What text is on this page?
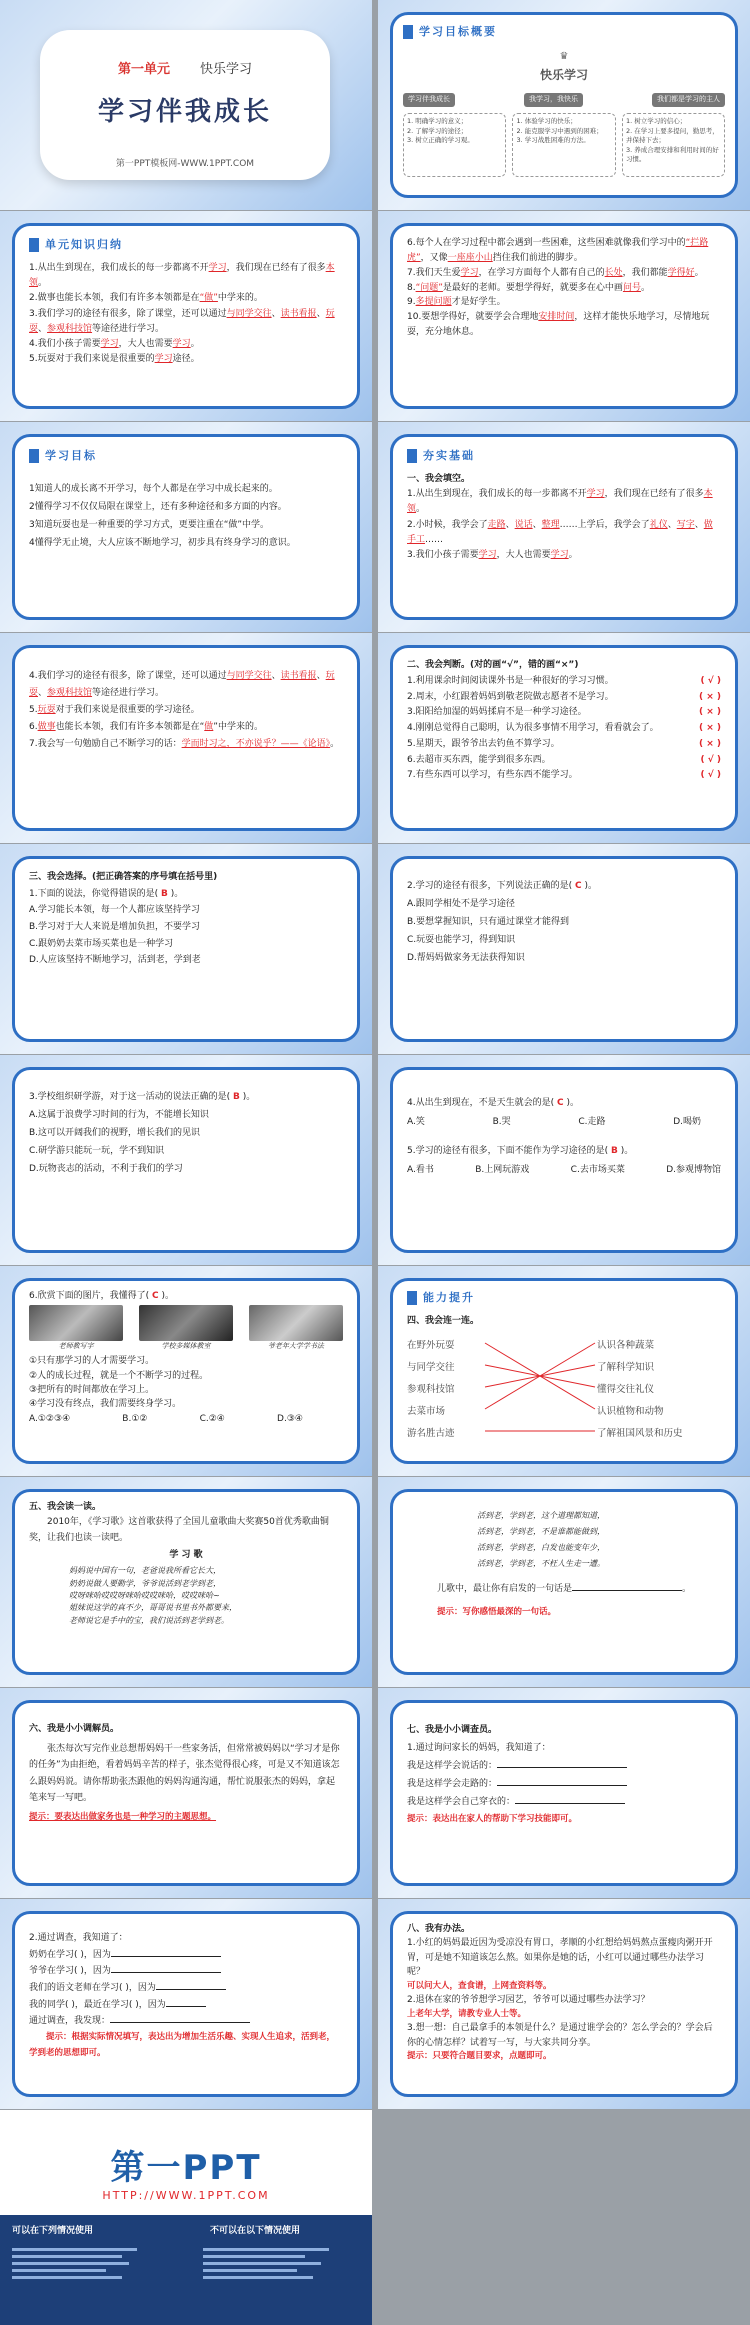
第一单元 快乐学习
学习伴我成长
第一PPT模板网-WWW.1PPT.COM
学习目标概要
♛
快乐学习
学习伴我成长	我学习，我快乐	我们都是学习的主人
1. 明确学习的意义；
2. 了解学习的途径；
3. 树立正确的学习观。
1. 体验学习的快乐；
2. 能克服学习中遇到的困难；
3. 学习战胜困难的方法。
1. 树立学习的信心；
2. 在学习上要多提问，勤思考，并保持下去；
3. 养成合理安排和利用时间的好习惯。
单元知识归纳
1.从出生到现在，我们成长的每一步都离不开学习，我们现在已经有了很多本领。
2.做事也能长本领，我们有许多本领都是在“做”中学来的。
3.我们学习的途径有很多，除了课堂，还可以通过与同学交往、读书看报、玩耍、参观科技馆等途径进行学习。
4.我们小孩子需要学习，大人也需要学习。
5.玩耍对于我们来说是很重要的学习途径。
6.每个人在学习过程中都会遇到一些困难，这些困难就像我们学习中的“拦路虎”，又像一座座小山挡住我们前进的脚步。
7.我们天生爱学习，在学习方面每个人都有自己的长处，我们都能学得好。
8.“问题”是最好的老师。要想学得好，就要多在心中画问号。
9.多提问题才是好学生。
10.要想学得好，就要学会合理地安排时间，这样才能快乐地学习，尽情地玩耍，充分地休息。
学习目标
1知道人的成长离不开学习，每个人都是在学习中成长起来的。
2懂得学习不仅仅局限在课堂上，还有多种途径和多方面的内容。
3知道玩耍也是一种重要的学习方式，更要注重在“做”中学。
4懂得学无止境，大人应该不断地学习，初步具有终身学习的意识。
夯实基础
一、我会填空。
1.从出生到现在，我们成长的每一步都离不开学习，我们现在已经有了很多本领。
2.小时候，我学会了走路、说话、整理……上学后，我学会了礼仪、写字、做手工……
3.我们小孩子需要学习，大人也需要学习。
4.我们学习的途径有很多，除了课堂，还可以通过与同学交往、读书看报、玩耍、参观科技馆等途径进行学习。
5.玩耍对于我们来说是很重要的学习途径。
6.做事也能长本领，我们有许多本领都是在“做”中学来的。
7.我会写一句勉励自己不断学习的话：学而时习之，不亦说乎？——《论语》。
二、我会判断。(对的画“√”，错的画“×”)
1.利用课余时间阅读课外书是一种很好的学习习惯。	( √ )
2.周末，小红跟着妈妈到敬老院做志愿者不是学习。	( × )
3.阳阳给加湿的妈妈揉肩不是一种学习途径。	( × )
4.刚刚总觉得自己聪明，认为很多事情不用学习，看看就会了。	( × )
5.星期天，跟爷爷出去钓鱼不算学习。	( × )
6.去超市买东西，能学到很多东西。	( √ )
7.有些东西可以学习，有些东西不能学习。	( √ )
三、我会选择。(把正确答案的序号填在括号里)
1.下面的说法，你觉得错误的是( B )。
A.学习能长本领，每一个人都应该坚持学习
B.学习对于大人来说是增加负担，不要学习
C.跟奶奶去菜市场买菜也是一种学习
D.人应该坚持不断地学习，活到老，学到老
2.学习的途径有很多，下列说法正确的是( C )。
A.跟同学相处不是学习途径
B.要想掌握知识，只有通过课堂才能得到
C.玩耍也能学习，得到知识
D.帮妈妈做家务无法获得知识
3.学校组织研学游，对于这一活动的说法正确的是( B )。
A.这属于浪费学习时间的行为，不能增长知识
B.这可以开阔我们的视野，增长我们的见识
C.研学游只能玩一玩，学不到知识
D.玩物丧志的活动，不利于我们的学习
4.从出生到现在，不是天生就会的是( C )。
A.笑	B.哭	C.走路	D.喝奶
5.学习的途径有很多，下面不能作为学习途径的是( B )。
A.看书	B.上网玩游戏	C.去市场买菜	D.参观博物馆
6.欣赏下面的图片，我懂得了( C )。
老师教写字	学校多媒体教室	爷老年大学学书法
①只有那学习的人才需要学习。
②人的成长过程，就是一个不断学习的过程。
③把所有的时间都放在学习上。
④学习没有终点，我们需要终身学习。
A.①②③④	B.①②	C.②④	D.③④
能力提升
四、我会连一连。
在野外玩耍
与同学交往
参观科技馆
去菜市场
游名胜古迹
认识各种蔬菜
了解科学知识
懂得交往礼仪
认识植物和动物
了解祖国风景和历史
五、我会读一读。
2010年，《学习歌》这首歌获得了全国儿童歌曲大奖赛50首优秀歌曲铜奖，让我们也读一读吧。
学 习 歌
妈妈说中国有一句，老爸说我所看它长大，
奶奶说做人要勤学，爷爷说活到老学到老，
哎呀咪哈哎哎呀咪哈哎哎咪哈，哎哎咪哈~
姐妹说这学的真不少，哥哥说书里书外都要来，
老师说它是手中的宝，我们说活到老学到老。
活到老，学到老，这个道理都知道，
活到老，学到老，不是谁都能做到，
活到老，学到老，白发也能变年少，
活到老，学到老，不枉人生走一遭。
儿歌中，最让你有启发的一句话是	。
提示：写你感悟最深的一句话。
六、我是小小调解员。
张杰每次写完作业总想帮妈妈干一些家务活，但常常被妈妈以“学习才是你的任务”为由拒绝，看着妈妈辛苦的样子，张杰觉得很心疼，可是又不知道该怎么跟妈妈说。请你帮助张杰跟他的妈妈沟通沟通，帮忙说服张杰的妈妈，拿起笔来写一写吧。
提示：要表达出做家务也是一种学习的主题思想。
七、我是小小调查员。
1.通过询问家长的妈妈，我知道了：
我是这样学会说话的：
我是这样学会走路的：
我是这样学会自己穿衣的：
提示：表达出在家人的帮助下学习技能即可。
2.通过调查，我知道了：
奶奶在学习( )，因为
爷爷在学习( )，因为
我们的语文老师在学习( )，因为
我的同学( )，最近在学习( )，因为
通过调查，我发现：
提示：根据实际情况填写，表达出为增加生活乐趣、实现人生追求，活到老，学到老的思想即可。
八、我有办法。
1.小红的妈妈最近因为受凉没有胃口，孝顺的小红想给妈妈熬点蛋瘦肉粥开开胃，可是她不知道该怎么熬。如果你是她的话，小红可以通过哪些办法学习呢？
可以问大人，查食谱，上网查资料等。
2.退休在家的爷爷想学习园艺，爷爷可以通过哪些办法学习？
上老年大学，请教专业人士等。
3.想一想：自己最拿手的本领是什么？是通过谁学会的？怎么学会的？学会后你的心情怎样？试着写一写，与大家共同分享。
提示：只要符合题目要求，点题即可。
第一PPT
HTTP://WWW.1PPT.COM
可以在下列情况使用	不可以在以下情况使用
